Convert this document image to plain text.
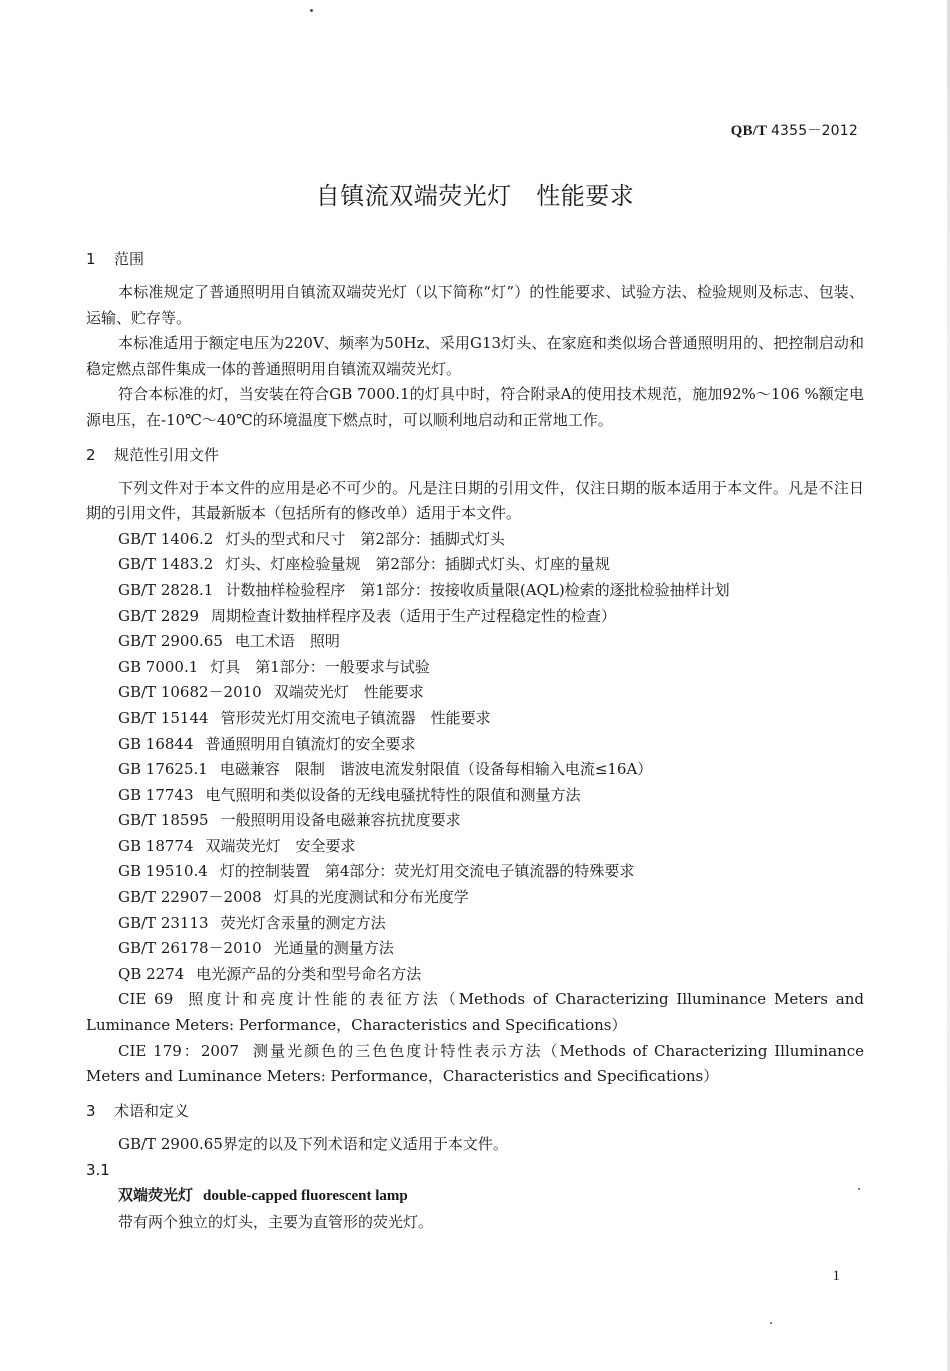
QB/T 4355－2012
自镇流双端荧光灯　性能要求
1 范围

本标准规定了普通照明用自镇流双端荧光灯（以下简称“灯”）的性能要求、试验方法、检验规则及标志、包装、运输、贮存等。

本标准适用于额定电压为220V、频率为50Hz、采用G13灯头、在家庭和类似场合普通照明用的、把控制启动和稳定燃点部件集成一体的普通照明用自镇流双端荧光灯。

符合本标准的灯，当安装在符合GB 7000.1的灯具中时，符合附录A的使用技术规范，施加92%～106 %额定电源电压，在-10℃～40℃的环境温度下燃点时，可以顺利地启动和正常地工作。

2 规范性引用文件

下列文件对于本文件的应用是必不可少的。凡是注日期的引用文件，仅注日期的版本适用于本文件。凡是不注日期的引用文件，其最新版本（包括所有的修改单）适用于本文件。

GB/T 1406.2 灯头的型式和尺寸　第2部分：插脚式灯头
GB/T 1483.2 灯头、灯座检验量规　第2部分：插脚式灯头、灯座的量规
GB/T 2828.1 计数抽样检验程序　第1部分：按接收质量限(AQL)检索的逐批检验抽样计划
GB/T 2829 周期检查计数抽样程序及表（适用于生产过程稳定性的检查）
GB/T 2900.65 电工术语　照明
GB 7000.1 灯具　第1部分：一般要求与试验
GB/T 10682－2010 双端荧光灯　性能要求
GB/T 15144 管形荧光灯用交流电子镇流器　性能要求
GB 16844 普通照明用自镇流灯的安全要求
GB 17625.1 电磁兼容　限制　谐波电流发射限值（设备每相输入电流≤16A）
GB 17743 电气照明和类似设备的无线电骚扰特性的限值和测量方法
GB/T 18595 一般照明用设备电磁兼容抗扰度要求
GB 18774 双端荧光灯　安全要求
GB 19510.4 灯的控制装置　第4部分：荧光灯用交流电子镇流器的特殊要求
GB/T 22907－2008 灯具的光度测试和分布光度学
GB/T 23113 荧光灯含汞量的测定方法
GB/T 26178－2010 光通量的测量方法
QB 2274 电光源产品的分类和型号命名方法
CIE 69 照度计和亮度计性能的表征方法（Methods of Characterizing Illuminance Meters and Luminance Meters: Performance，Characteristics and Specifications）
CIE 179：2007 测量光颜色的三色色度计特性表示方法（Methods of Characterizing Illuminance Meters and Luminance Meters: Performance，Characteristics and Specifications）
3 术语和定义

GB/T 2900.65界定的以及下列术语和定义适用于本文件。

3.1

双端荧光灯 double-capped fluorescent lamp

带有两个独立的灯头，主要为直管形的荧光灯。

1
